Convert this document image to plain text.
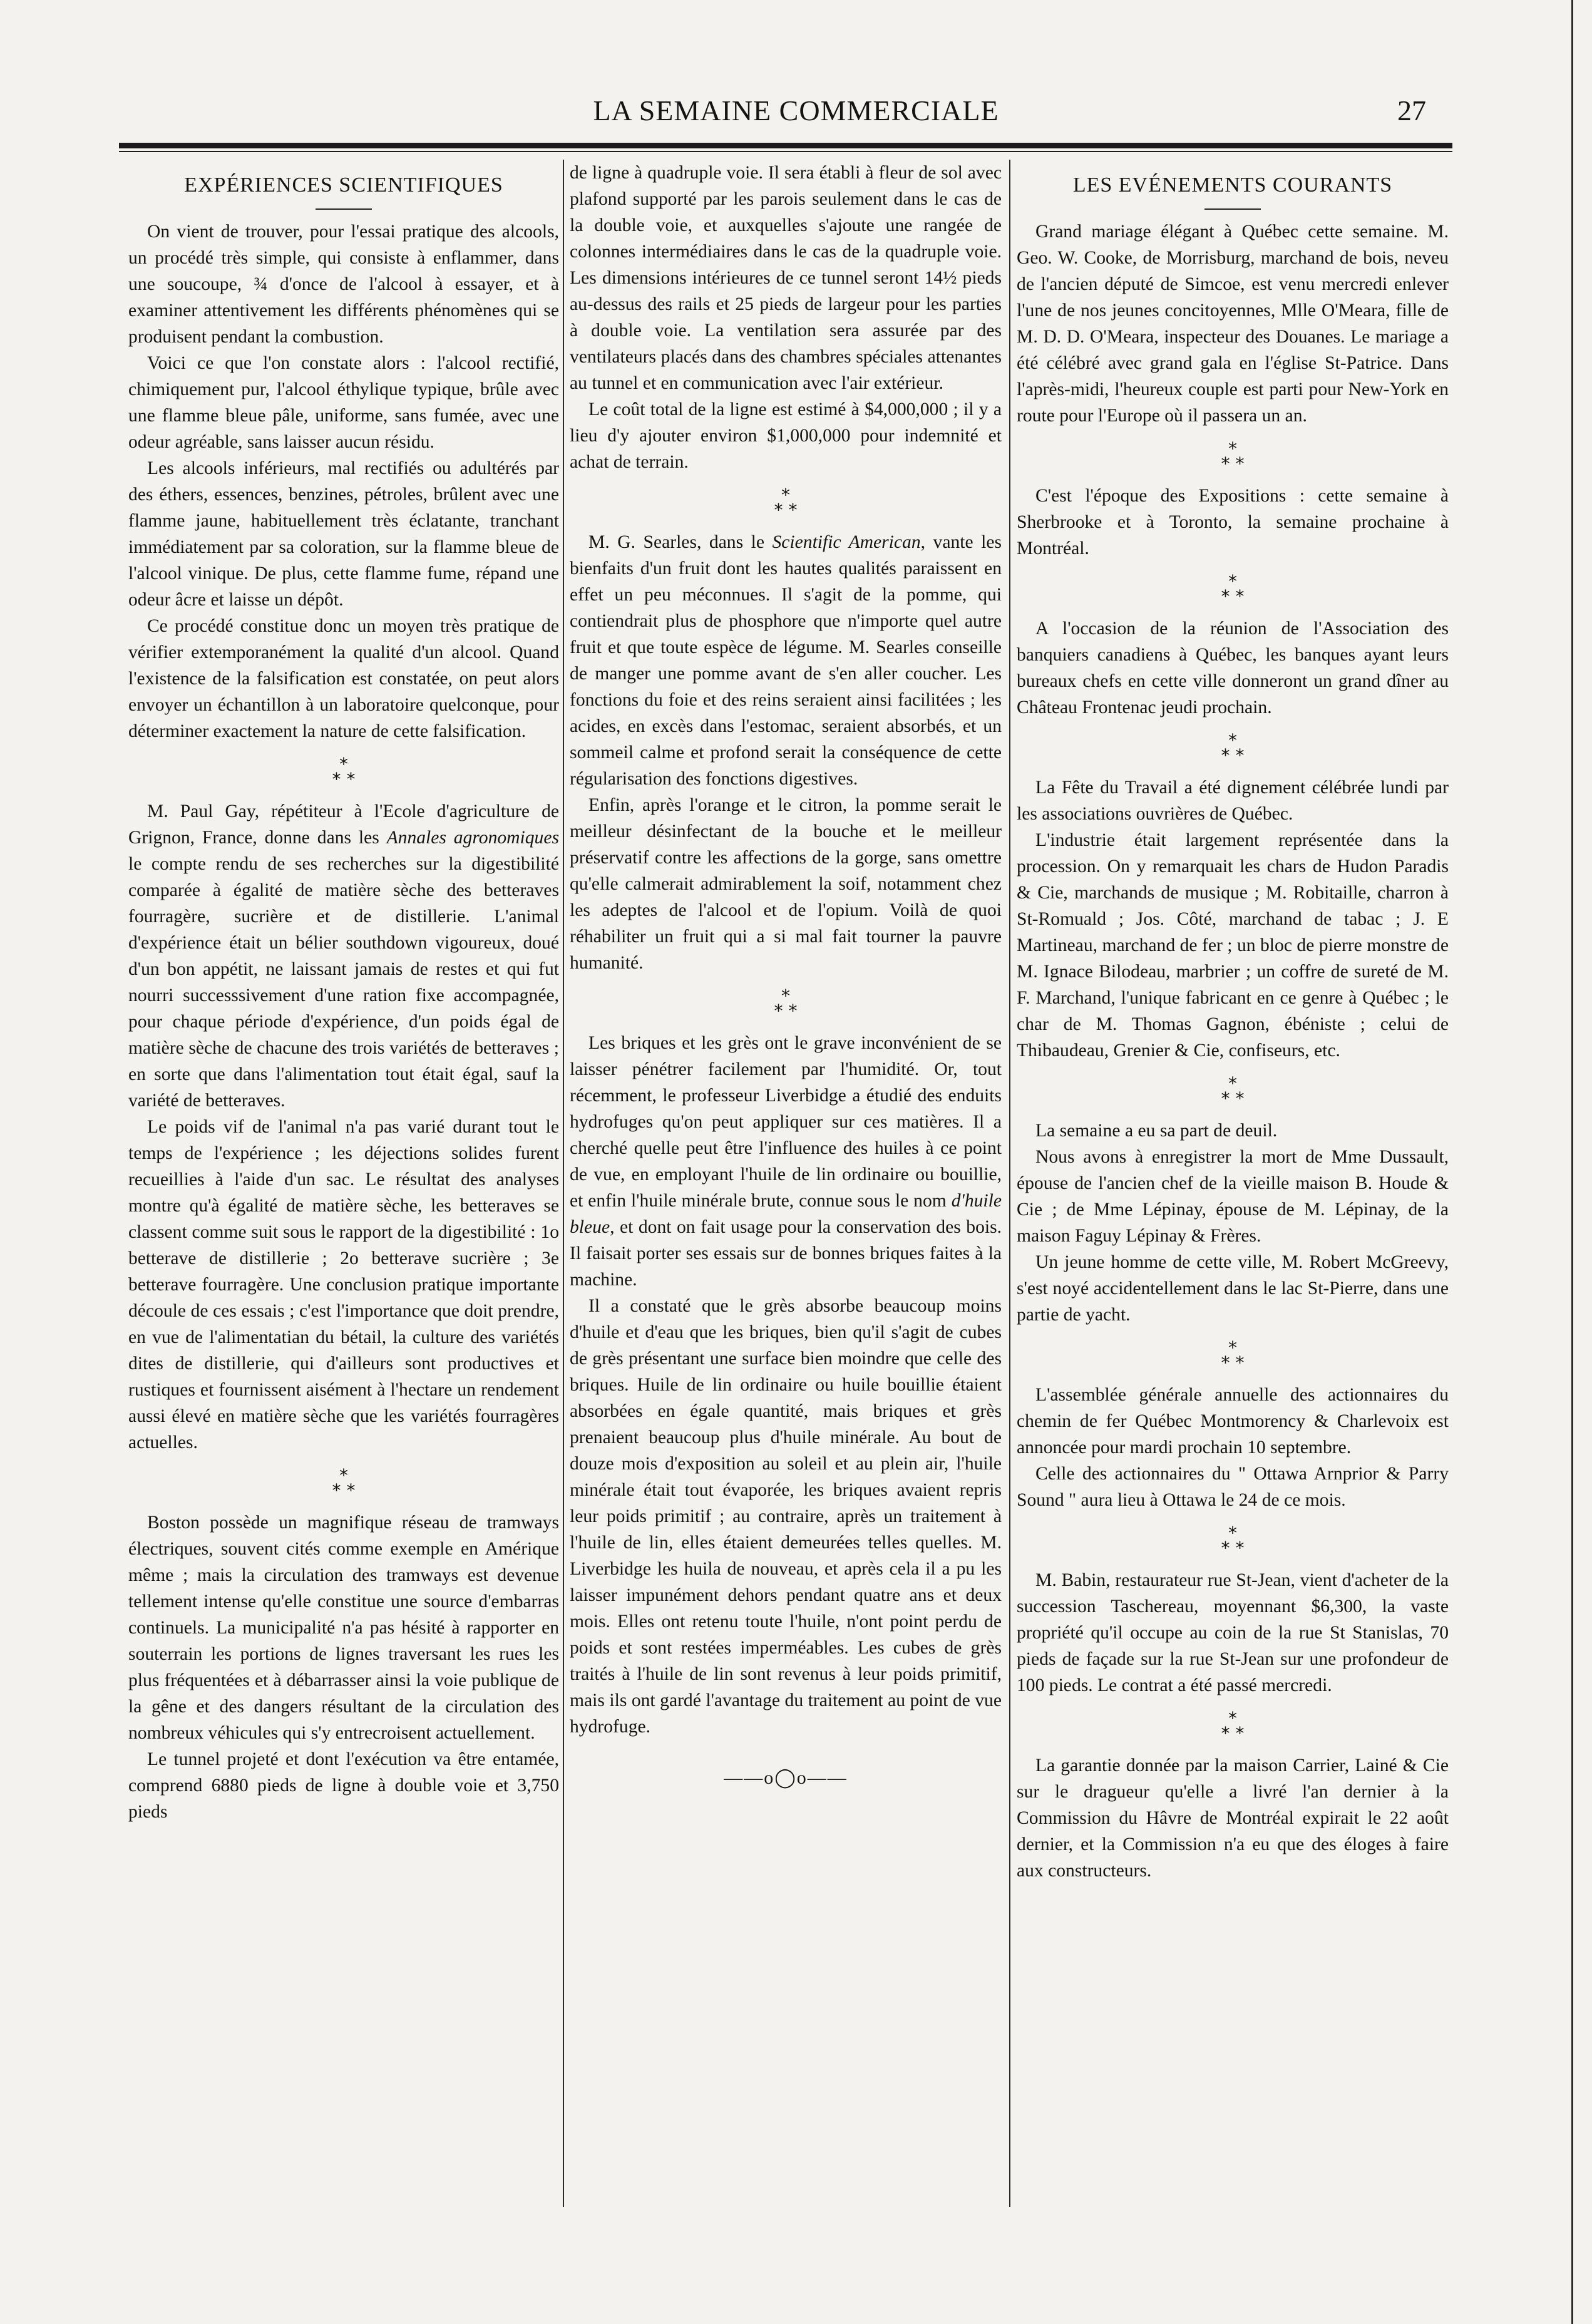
LA SEMAINE COMMERCIALE	27
EXPÉRIENCES SCIENTIFIQUES

On vient de trouver, pour l'essai pratique des alcools, un procédé très simple, qui consiste à enflammer, dans une soucoupe, ¾ d'once de l'alcool à essayer, et à examiner attentivement les différents phénomènes qui se produisent pendant la combustion.

Voici ce que l'on constate alors : l'alcool rectifié, chimiquement pur, l'alcool éthylique typique, brûle avec une flamme bleue pâle, uniforme, sans fumée, avec une odeur agréable, sans laisser aucun résidu.

Les alcools inférieurs, mal rectifiés ou adultérés par des éthers, essences, benzines, pétroles, brûlent avec une flamme jaune, habituellement très éclatante, tranchant immédiatement par sa coloration, sur la flamme bleue de l'alcool vinique. De plus, cette flamme fume, répand une odeur âcre et laisse un dépôt.

Ce procédé constitue donc un moyen très pratique de vérifier extemporanément la qualité d'un alcool. Quand l'existence de la falsification est constatée, on peut alors envoyer un échantillon à un laboratoire quelconque, pour déterminer exactement la nature de cette falsification.

*
* *

M. Paul Gay, répétiteur à l'Ecole d'agriculture de Grignon, France, donne dans les Annales agronomiques le compte rendu de ses recherches sur la digestibilité comparée à égalité de matière sèche des betteraves fourragère, sucrière et de distillerie. L'animal d'expérience était un bélier southdown vigoureux, doué d'un bon appétit, ne laissant jamais de restes et qui fut nourri successsivement d'une ration fixe accompagnée, pour chaque période d'expérience, d'un poids égal de matière sèche de chacune des trois variétés de betteraves ; en sorte que dans l'alimentation tout était égal, sauf la variété de betteraves.

Le poids vif de l'animal n'a pas varié durant tout le temps de l'expérience ; les déjections solides furent recueillies à l'aide d'un sac. Le résultat des analyses montre qu'à égalité de matière sèche, les betteraves se classent comme suit sous le rapport de la digestibilité : 1o betterave de distillerie ; 2o betterave sucrière ; 3e betterave fourragère. Une conclusion pratique importante découle de ces essais ; c'est l'importance que doit prendre, en vue de l'alimentatian du bétail, la culture des variétés dites de distillerie, qui d'ailleurs sont productives et rustiques et fournissent aisément à l'hectare un rendement aussi élevé en matière sèche que les variétés fourragères actuelles.

*
* *

Boston possède un magnifique réseau de tramways électriques, souvent cités comme exemple en Amérique même ; mais la circulation des tramways est devenue tellement intense qu'elle constitue une source d'embarras continuels. La municipalité n'a pas hésité à rapporter en souterrain les portions de lignes traversant les rues les plus fréquentées et à débarrasser ainsi la voie publique de la gêne et des dangers résultant de la circulation des nombreux véhicules qui s'y entrecroisent actuellement.

Le tunnel projeté et dont l'exécution va être entamée, comprend 6880 pieds de ligne à double voie et 3,750 pieds

de ligne à quadruple voie. Il sera établi à fleur de sol avec plafond supporté par les parois seulement dans le cas de la double voie, et auxquelles s'ajoute une rangée de colonnes intermédiaires dans le cas de la quadruple voie. Les dimensions intérieures de ce tunnel seront 14½ pieds au-dessus des rails et 25 pieds de largeur pour les parties à double voie. La ventilation sera assurée par des ventilateurs placés dans des chambres spéciales attenantes au tunnel et en communication avec l'air extérieur.

Le coût total de la ligne est estimé à $4,000,000 ; il y a lieu d'y ajouter environ $1,000,000 pour indemnité et achat de terrain.

*
* *

M. G. Searles, dans le Scientific American, vante les bienfaits d'un fruit dont les hautes qualités paraissent en effet un peu méconnues. Il s'agit de la pomme, qui contiendrait plus de phosphore que n'importe quel autre fruit et que toute espèce de légume. M. Searles conseille de manger une pomme avant de s'en aller coucher. Les fonctions du foie et des reins seraient ainsi facilitées ; les acides, en excès dans l'estomac, seraient absorbés, et un sommeil calme et profond serait la conséquence de cette régularisation des fonctions digestives.

Enfin, après l'orange et le citron, la pomme serait le meilleur désinfectant de la bouche et le meilleur préservatif contre les affections de la gorge, sans omettre qu'elle calmerait admirablement la soif, notamment chez les adeptes de l'alcool et de l'opium. Voilà de quoi réhabiliter un fruit qui a si mal fait tourner la pauvre humanité.

*
* *

Les briques et les grès ont le grave inconvénient de se laisser pénétrer facilement par l'humidité. Or, tout récemment, le professeur Liverbidge a étudié des enduits hydrofuges qu'on peut appliquer sur ces matières. Il a cherché quelle peut être l'influence des huiles à ce point de vue, en employant l'huile de lin ordinaire ou bouillie, et enfin l'huile minérale brute, connue sous le nom d'huile bleue, et dont on fait usage pour la conservation des bois. Il faisait porter ses essais sur de bonnes briques faites à la machine.

Il a constaté que le grès absorbe beaucoup moins d'huile et d'eau que les briques, bien qu'il s'agit de cubes de grès présentant une surface bien moindre que celle des briques. Huile de lin ordinaire ou huile bouillie étaient absorbées en égale quantité, mais briques et grès prenaient beaucoup plus d'huile minérale. Au bout de douze mois d'exposition au soleil et au plein air, l'huile minérale était tout évaporée, les briques avaient repris leur poids primitif ; au contraire, après un traitement à l'huile de lin, elles étaient demeurées telles quelles. M. Liverbidge les huila de nouveau, et après cela il a pu les laisser impunément dehors pendant quatre ans et deux mois. Elles ont retenu toute l'huile, n'ont point perdu de poids et sont restées imperméables. Les cubes de grès traités à l'huile de lin sont revenus à leur poids primitif, mais ils ont gardé l'avantage du traitement au point de vue hydrofuge.

——o◯o——
LES EVÉNEMENTS COURANTS

Grand mariage élégant à Québec cette semaine. M. Geo. W. Cooke, de Morrisburg, marchand de bois, neveu de l'ancien député de Simcoe, est venu mercredi enlever l'une de nos jeunes concitoyennes, Mlle O'Meara, fille de M. D. D. O'Meara, inspecteur des Douanes. Le mariage a été célébré avec grand gala en l'église St-Patrice. Dans l'après-midi, l'heureux couple est parti pour New-York en route pour l'Europe où il passera un an.

*
* *

C'est l'époque des Expositions : cette semaine à Sherbrooke et à Toronto, la semaine prochaine à Montréal.

*
* *

A l'occasion de la réunion de l'Association des banquiers canadiens à Québec, les banques ayant leurs bureaux chefs en cette ville donneront un grand dîner au Château Frontenac jeudi prochain.

*
* *

La Fête du Travail a été dignement célébrée lundi par les associations ouvrières de Québec.

L'industrie était largement représentée dans la procession. On y remarquait les chars de Hudon Paradis & Cie, marchands de musique ; M. Robitaille, charron à St-Romuald ; Jos. Côté, marchand de tabac ; J. E Martineau, marchand de fer ; un bloc de pierre monstre de M. Ignace Bilodeau, marbrier ; un coffre de sureté de M. F. Marchand, l'unique fabricant en ce genre à Québec ; le char de M. Thomas Gagnon, ébéniste ; celui de Thibaudeau, Grenier & Cie, confiseurs, etc.

*
* *

La semaine a eu sa part de deuil.

Nous avons à enregistrer la mort de Mme Dussault, épouse de l'ancien chef de la vieille maison B. Houde & Cie ; de Mme Lépinay, épouse de M. Lépinay, de la maison Faguy Lépinay & Frères.

Un jeune homme de cette ville, M. Robert McGreevy, s'est noyé accidentellement dans le lac St-Pierre, dans une partie de yacht.

*
* *

L'assemblée générale annuelle des actionnaires du chemin de fer Québec Montmorency & Charlevoix est annoncée pour mardi prochain 10 septembre.

Celle des actionnaires du " Ottawa Arnprior & Parry Sound " aura lieu à Ottawa le 24 de ce mois.

*
* *

M. Babin, restaurateur rue St-Jean, vient d'acheter de la succession Taschereau, moyennant $6,300, la vaste propriété qu'il occupe au coin de la rue St Stanislas, 70 pieds de façade sur la rue St-Jean sur une profondeur de 100 pieds. Le contrat a été passé mercredi.

*
* *

La garantie donnée par la maison Carrier, Lainé & Cie sur le dragueur qu'elle a livré l'an dernier à la Commission du Hâvre de Montréal expirait le 22 août dernier, et la Commission n'a eu que des éloges à faire aux constructeurs.
